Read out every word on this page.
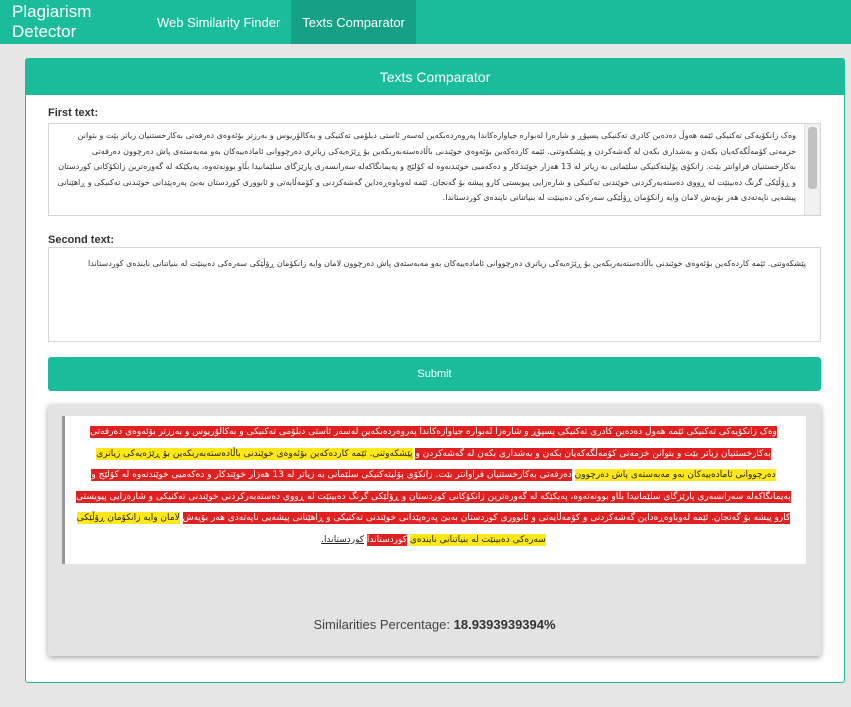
Plagiarism Detector	Web Similarity Finder	Texts Comparator
Texts Comparator
First text:
وەک زانکۆیەکی تەکنیکی ئێمە هەوڵ دەدەین کادری تەکنیکی پسپۆڕ و شارەزا لەبوارە جیاوازەکاندا پەروەردەبکەین لەسەر ئاستی دبلۆمی تەکنیکی و بەکالۆریوس و بەرزتر بۆئەوەی دەرفەتی بەکارخستنیان زیاتر بێت و بتوانن خزمەتی کۆمەڵگەکەیان بکەن و بەشداری بکەن لە گەشەکردن و پێشکەوتنی. ئێمە کاردەکەین بۆئەوەی خوێندنی باڵادەستەبەربکەین بۆ ڕێژەیەکی زیاتری دەرچووانی ئامادەییەکان بەو مەبەستەی پاش دەرچوون دەرفەتی بەکارخستنیان فراوانتر بێت. زانکۆی پۆلیتەکنیکی سلێمانی بە زیاتر لە 13 هەزار خوێندکار و دەکەمیی خوێندنەوە لە کۆلێج و پەیمانگاکەلە سەرانسەری پارێزگای سلێمانیدا بڵاو بوونەتەوە، پەیکێکە لە گەورەترین زانکۆکانی کوردستان و ڕۆڵێکی گرنگ دەبینێت لە ڕووی دەستەبەرکردنی خوێندنی تەکنیکی و شارەزایی پیویستی کارو پیشە بۆ گەنجان. ئێمە لەوباوەڕەداین گەشەکردنی و کۆمەڵایەتی و ئابووری کوردستان بەبێ پەرەپێدانی خوێندنی تەکنیکی و ڕاهێنانی پیشەیی ناپەتەدی هەر بۆیەش لامان وایە زانکۆمان ڕۆڵێکی سەرەکی دەبینێت لە بنیاتنانی نایندەی کوردستاندا.
Second text:
پێشکەوتنی. ئێمە کاردەکەین بۆئەوەی خوێندنی باڵادەستەبەربکەین بۆ ڕێژەیەکی زیاتری دەرچووانی ئامادەییەکان بەو مەبەستەی پاش دەرچوون لامان وایە زانکۆمان ڕۆڵێکی سەرەکی دەبینێت لە بنیاتنانی نایندەی کوردستاندا
Submit
وەک زانکۆیەکی تەکنیکی ئێمە هەوڵ دەدەین کادری تەکنیکی پسپۆڕ و شارەزا لەبوارە جیاوازەکاندا پەروەردەبکەین لەسەر ئاستی دبلۆمی تەکنیکی و بەکالۆریوس و بەرزتر بۆئەوەی دەرفەتی بەکارخستنیان زیاتر بێت و بتوانن خزمەتی کۆمەڵگەکەیان بکەن و بەشداری بکەن لە گەشەکردن و پێشکەوتنی. ئێمە کاردەکەین بۆئەوەی خوێندنی باڵادەستەبەربکەین بۆ ڕێژەیەکی زیاتری دەرچووانی ئامادەییەکان بەو مەبەستەی پاش دەرچوون دەرفەتی بەکارخستنیان فراوانتر بێت. زانکۆی پۆلیتەکنیکی سلێمانی بە زیاتر لە 13 هەزار خوێندکار و دەکەمیی خوێندنەوە لە کۆلێج و پەیمانگاکەلە سەرانسەری پارێزگای سلێمانیدا بڵاو بوونەتەوە، پەیکێکە لە گەورەترین زانکۆکانی کوردستان و ڕۆڵێکی گرنگ دەبینێت لە ڕووی دەستەبەرکردنی خوێندنی تەکنیکی و شارەزایی پیویستی کارو پیشە بۆ گەنجان. ئێمە لەوباوەڕەداین گەشەکردنی و کۆمەڵایەتی و ئابووری کوردستان بەبێ پەرەپێدانی خوێندنی تەکنیکی و ڕاهێنانی پیشەیی ناپەتەدی هەر بۆیەش لامان وایە زانکۆمان ڕۆڵێکی سەرەکی دەبینێت لە بنیاتنانی نایندەی کوردستاندا کوردستاندا.
Similarities Percentage: 18.9393939394%
